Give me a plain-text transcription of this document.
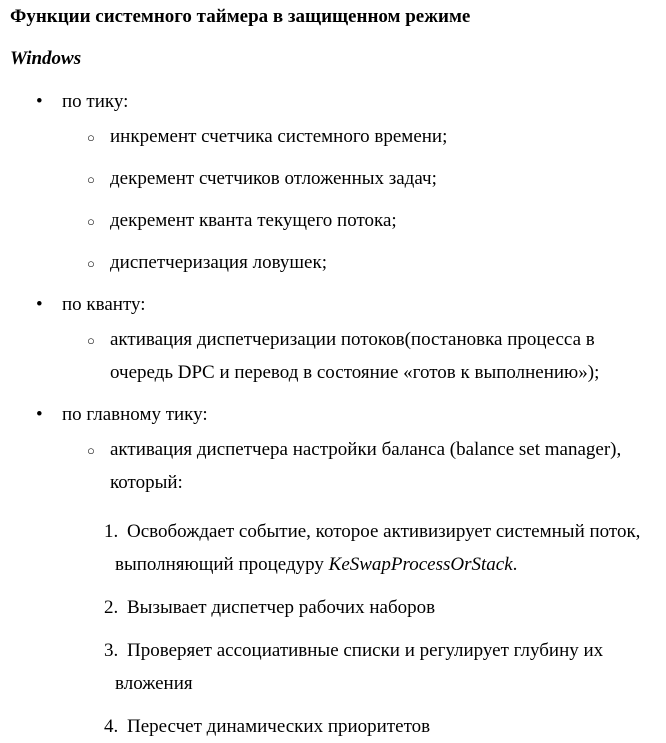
Функции системного таймера в защищенном режиме
Windows
• по тику:
○ инкремент счетчика системного времени;
○ декремент счетчиков отложенных задач;
○ декремент кванта текущего потока;
○ диспетчеризация ловушек;
• по кванту:
○ активация диспетчеризации потоков(постановка процесса в очередь DPC и перевод в состояние «готов к выполнению»);
• по главному тику:
○ активация диспетчера настройки баланса (balance set manager), который:
1. Освобождает событие, которое активизирует системный поток, выполняющий процедуру KeSwapProcessOrStack.
2. Вызывает диспетчер рабочих наборов
3. Проверяет ассоциативные списки и регулирует глубину их вложения
4. Пересчет динамических приоритетов
